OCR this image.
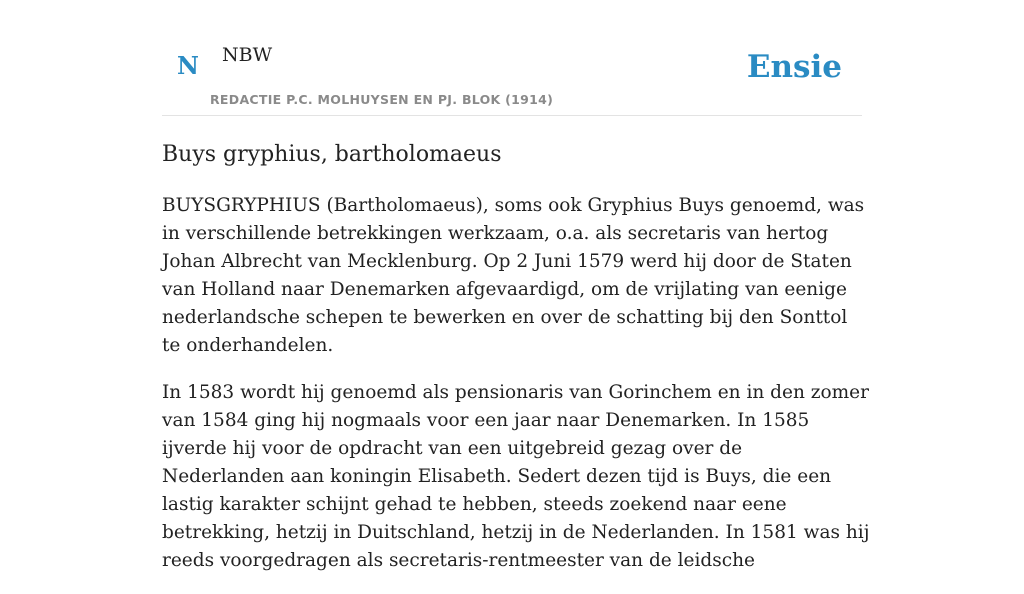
N NBW
REDACTIE P.C. MOLHUYSEN EN PJ. BLOK (1914)
Ensie
Buys gryphius, bartholomaeus

BUYSGRYPHIUS (Bartholomaeus), soms ook Gryphius Buys genoemd, was in verschillende betrekkingen werkzaam, o.a. als secretaris van hertog Johan Albrecht van Mecklenburg. Op 2 Juni 1579 werd hij door de Staten van Holland naar Denemarken afgevaardigd, om de vrijlating van eenige nederlandsche schepen te bewerken en over de schatting bij den Sonttol te onderhandelen.

In 1583 wordt hij genoemd als pensionaris van Gorinchem en in den zomer van 1584 ging hij nogmaals voor een jaar naar Denemarken. In 1585 ijverde hij voor de opdracht van een uitgebreid gezag over de Nederlanden aan koningin Elisabeth. Sedert dezen tijd is Buys, die een lastig karakter schijnt gehad te hebben, steeds zoekend naar eene betrekking, hetzij in Duitschland, hetzij in de Nederlanden. In 1581 was hij reeds voorgedragen als secretaris-rentmeester van de leidsche
